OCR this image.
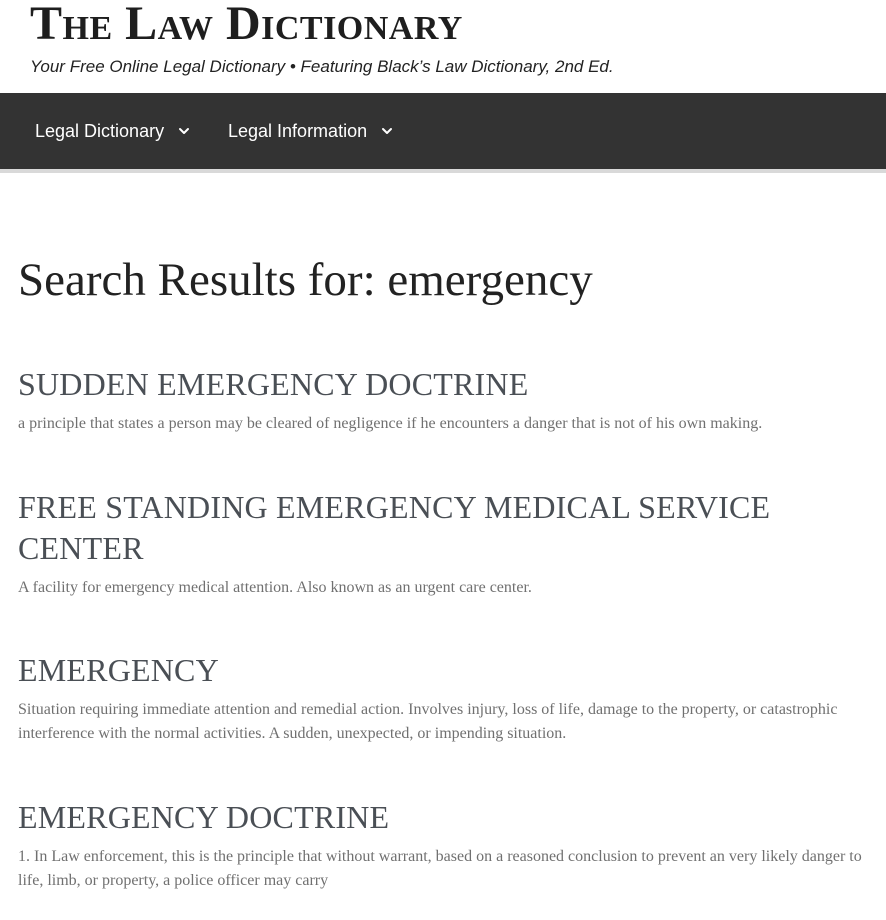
The Law Dictionary

Your Free Online Legal Dictionary • Featuring Black’s Law Dictionary, 2nd Ed.

Legal Dictionary	Legal Information
Search Results for: emergency
SUDDEN EMERGENCY DOCTRINE

a principle that states a person may be cleared of negligence if he encounters a danger that is not of his own making.

FREE STANDING EMERGENCY MEDICAL SERVICE CENTER

A facility for emergency medical attention. Also known as an urgent care center.

EMERGENCY

Situation requiring immediate attention and remedial action. Involves injury, loss of life, damage to the property, or catastrophic interference with the normal activities. A sudden, unexpected, or impending situation.

EMERGENCY DOCTRINE

1. In Law enforcement, this is the principle that without warrant, based on a reasoned conclusion to prevent an very likely danger to life, limb, or property, a police officer may carry
